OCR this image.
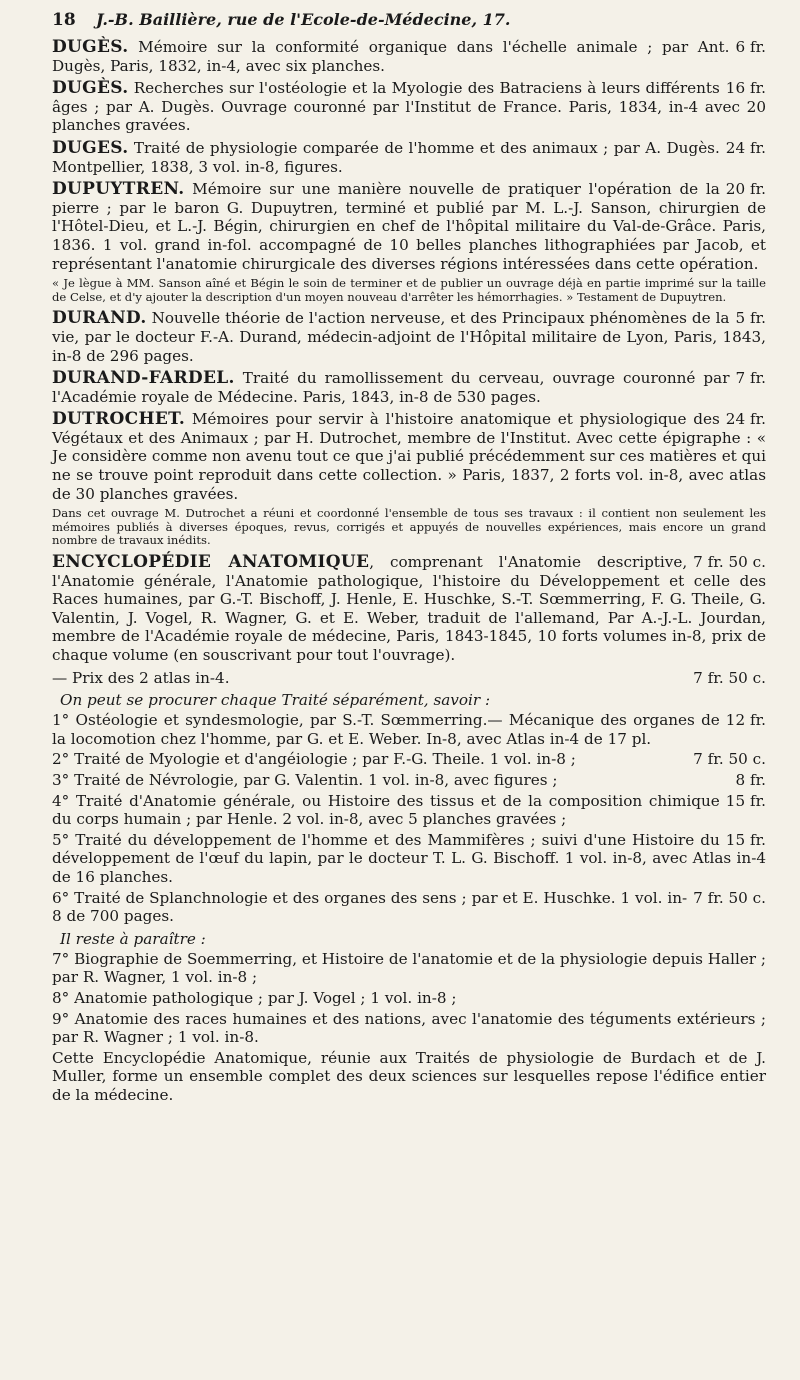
18	J.-B. Baillière, rue de l'Ecole-de-Médecine, 17.

6 fr.
DUGÈS. Mémoire sur la conformité organique dans l'échelle animale ; par Ant. Dugès, Paris, 1832, in-4, avec six planches.

16 fr.
DUGÈS. Recherches sur l'ostéologie et la Myologie des Batraciens à leurs différents âges ; par A. Dugès. Ouvrage couronné par l'Institut de France. Paris, 1834, in-4 avec 20 planches gravées.

24 fr.
DUGES. Traité de physiologie comparée de l'homme et des animaux ; par A. Dugès. Montpellier, 1838, 3 vol. in-8, figures.

20 fr.
DUPUYTREN. Mémoire sur une manière nouvelle de pratiquer l'opération de la pierre ; par le baron G. Dupuytren, terminé et publié par M. L.-J. Sanson, chirurgien de l'Hôtel-Dieu, et L.-J. Bégin, chirurgien en chef de l'hôpital militaire du Val-de-Grâce. Paris, 1836. 1 vol. grand in-fol. accompagné de 10 belles planches lithographiées par Jacob, et représentant l'anatomie chirurgicale des diverses régions intéressées dans cette opération.

« Je lègue à MM. Sanson aîné et Bégin le soin de terminer et de publier un ouvrage déjà en partie imprimé sur la taille de Celse, et d'y ajouter la description d'un moyen nouveau d'arrêter les hémorrhagies. » Testament de Dupuytren.

5 fr.
DURAND. Nouvelle théorie de l'action nerveuse, et des Principaux phénomènes de la vie, par le docteur F.-A. Durand, médecin-adjoint de l'Hôpital militaire de Lyon, Paris, 1843, in-8 de 296 pages.

7 fr.
DURAND-FARDEL. Traité du ramollissement du cerveau, ouvrage couronné par l'Académie royale de Médecine. Paris, 1843, in-8 de 530 pages.

24 fr.
DUTROCHET. Mémoires pour servir à l'histoire anatomique et physiologique des Végétaux et des Animaux ; par H. Dutrochet, membre de l'Institut. Avec cette épigraphe : « Je considère comme non avenu tout ce que j'ai publié précédemment sur ces matières et qui ne se trouve point reproduit dans cette collection. » Paris, 1837, 2 forts vol. in-8, avec atlas de 30 planches gravées.

Dans cet ouvrage M. Dutrochet a réuni et coordonné l'ensemble de tous ses travaux : il contient non seulement les mémoires publiés à diverses époques, revus, corrigés et appuyés de nouvelles expériences, mais encore un grand nombre de travaux inédits.

7 fr. 50 c.
ENCYCLOPÉDIE ANATOMIQUE, comprenant l'Anatomie descriptive, l'Anatomie générale, l'Anatomie pathologique, l'histoire du Développement et celle des Races humaines, par G.-T. Bischoff, J. Henle, E. Huschke, S.-T. Sœmmerring, F. G. Theile, G. Valentin, J. Vogel, R. Wagner, G. et E. Weber, traduit de l'allemand, Par A.-J.-L. Jourdan, membre de l'Académie royale de médecine, Paris, 1843-1845, 10 forts volumes in-8, prix de chaque volume (en souscrivant pour tout l'ouvrage).

7 fr. 50 c.
— Prix des 2 atlas in-4.

On peut se procurer chaque Traité séparément, savoir :

12 fr.
1° Ostéologie et syndesmologie, par S.-T. Sœmmerring.— Mécanique des organes de la locomotion chez l'homme, par G. et E. Weber. In-8, avec Atlas in-4 de 17 pl.

7 fr. 50 c.
2° Traité de Myologie et d'angéiologie ; par F.-G. Theile. 1 vol. in-8 ;

8 fr.
3° Traité de Névrologie, par G. Valentin. 1 vol. in-8, avec figures ;

15 fr.
4° Traité d'Anatomie générale, ou Histoire des tissus et de la composition chimique du corps humain ; par Henle. 2 vol. in-8, avec 5 planches gravées ;

15 fr.
5° Traité du développement de l'homme et des Mammifères ; suivi d'une Histoire du développement de l'œuf du lapin, par le docteur T. L. G. Bischoff. 1 vol. in-8, avec Atlas in-4 de 16 planches.

7 fr. 50 c.
6° Traité de Splanchnologie et des organes des sens ; par et E. Huschke. 1 vol. in-8 de 700 pages.

Il reste à paraître :

7° Biographie de Soemmerring, et Histoire de l'anatomie et de la physiologie depuis Haller ; par R. Wagner, 1 vol. in-8 ;

8° Anatomie pathologique ; par J. Vogel ; 1 vol. in-8 ;

9° Anatomie des races humaines et des nations, avec l'anatomie des téguments extérieurs ; par R. Wagner ; 1 vol. in-8.

Cette Encyclopédie Anatomique, réunie aux Traités de physiologie de Burdach et de J. Muller, forme un ensemble complet des deux sciences sur lesquelles repose l'édifice entier de la médecine.
